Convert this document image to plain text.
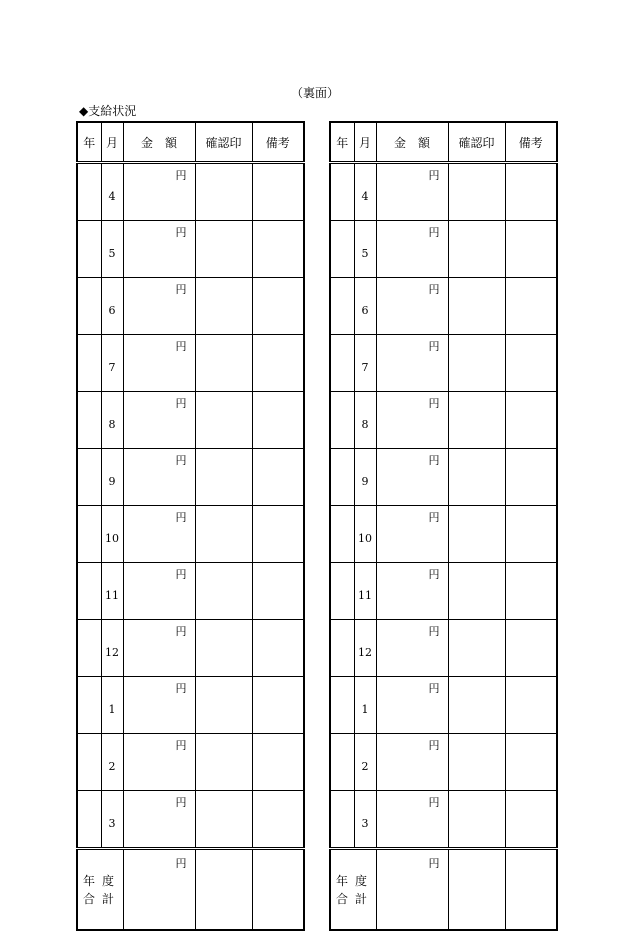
（裏面）
◆支給状況
年	月	金　額	確認印	備考
	4	円		
	5	円		
	6	円		
	7	円		
	8	円		
	9	円		
	10	円		
	11	円		
	12	円		
	1	円		
	2	円		
	3	円		

年度
合計		円		
年	月	金　額	確認印	備考
	4	円		
	5	円		
	6	円		
	7	円		
	8	円		
	9	円		
	10	円		
	11	円		
	12	円		
	1	円		
	2	円		
	3	円		

年度
合計		円		
